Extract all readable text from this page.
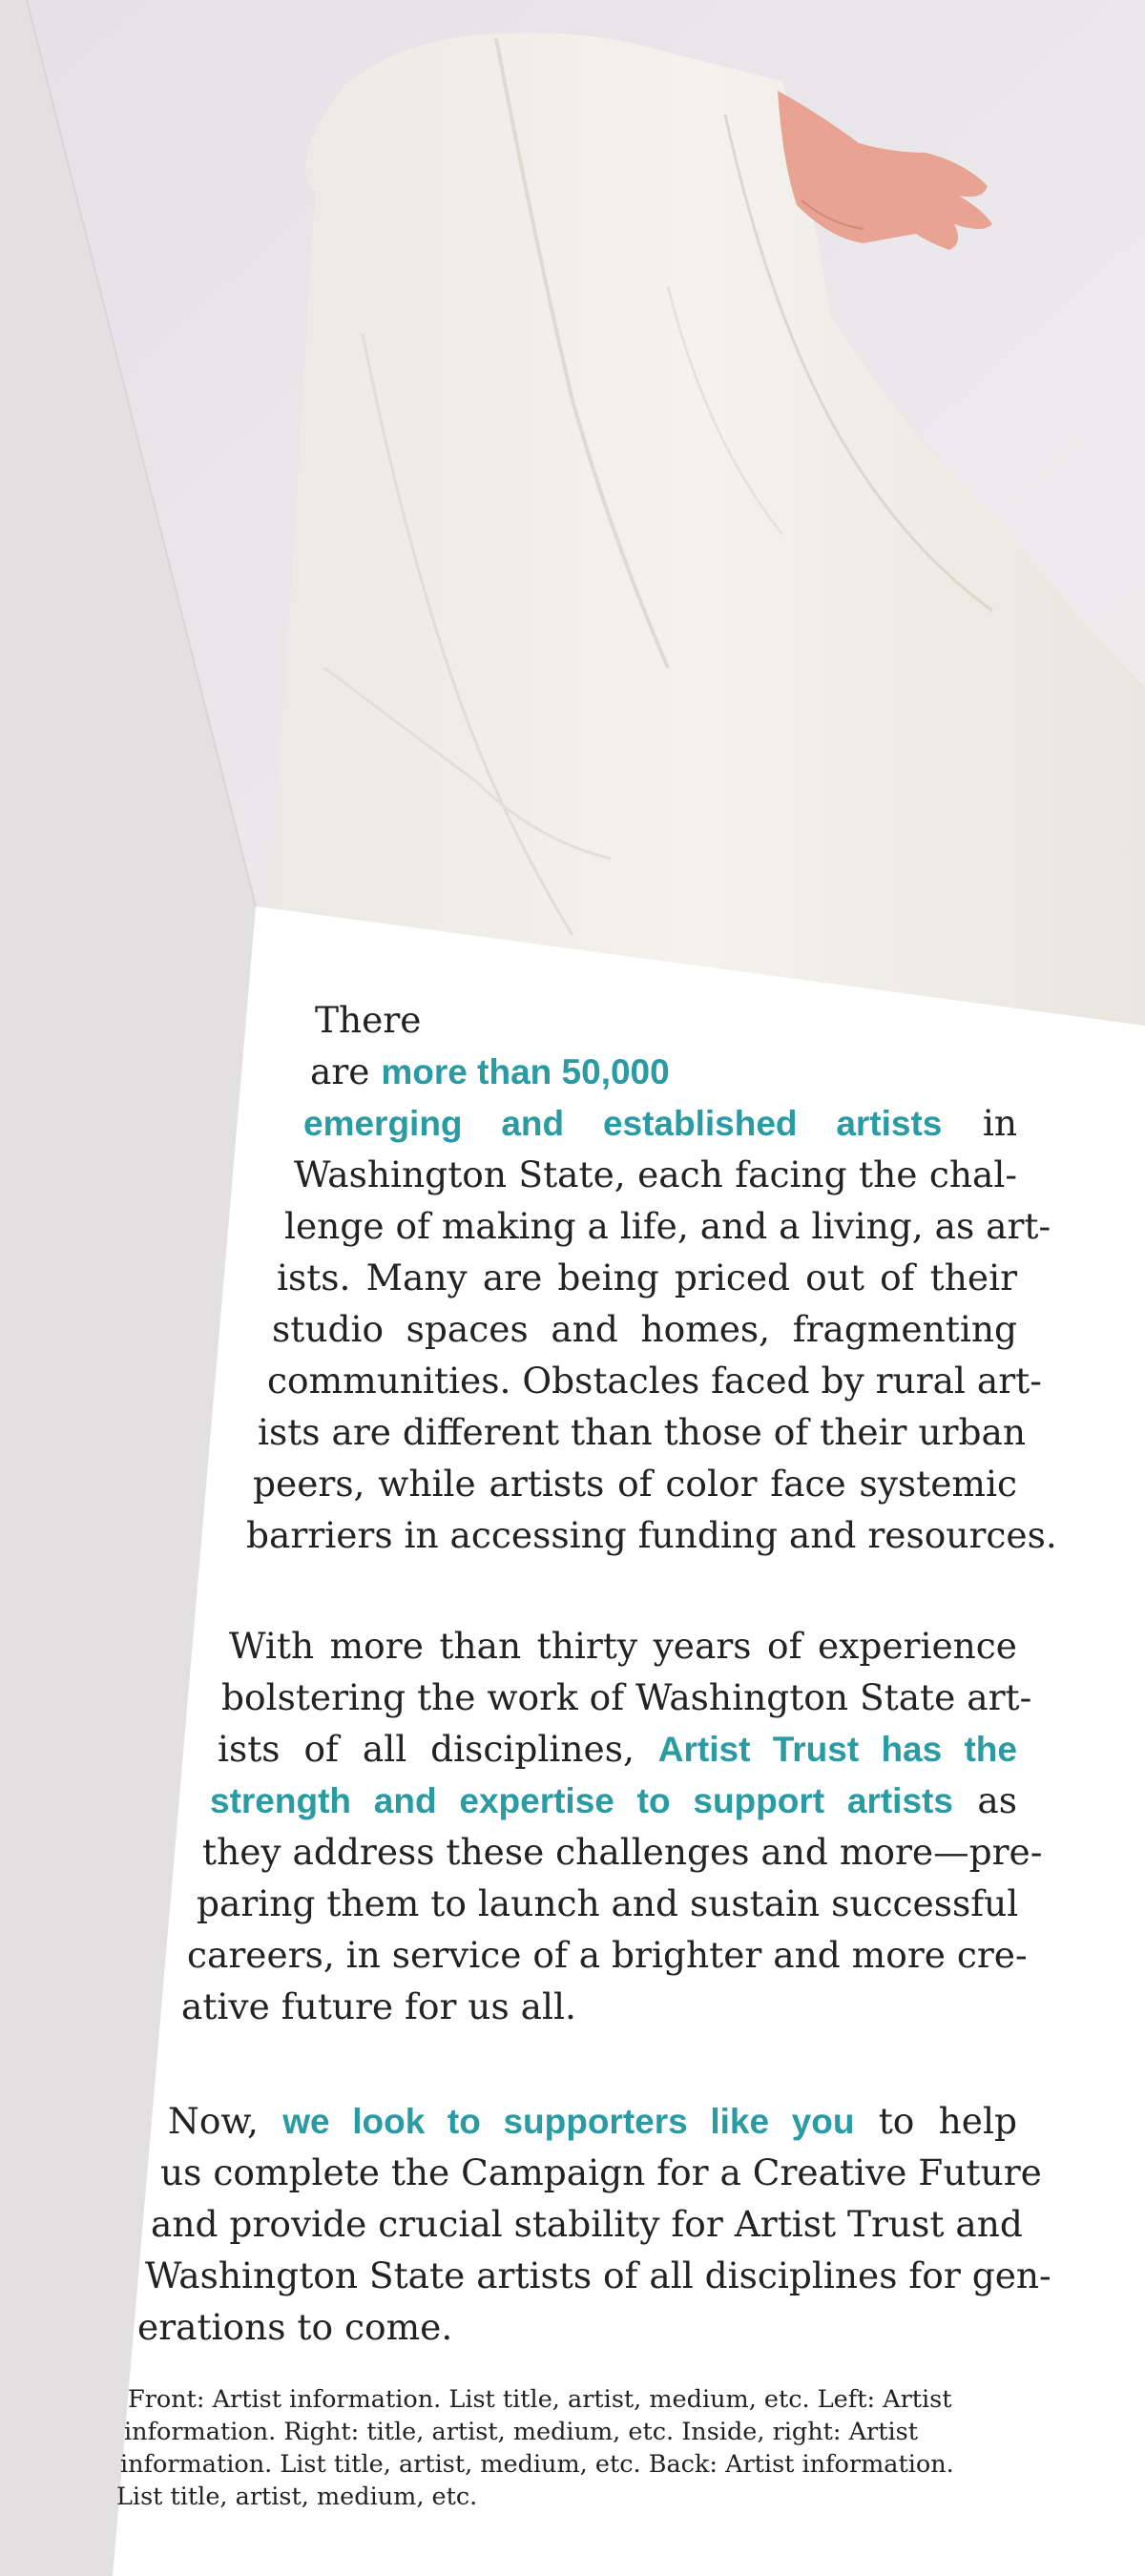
There
are more than 50,000
emerging and established artists in
Washington State, each facing the chal-
lenge of making a life, and a living, as art-
ists. Many are being priced out of their
studio spaces and homes, fragmenting
communities. Obstacles faced by rural art-
ists are different than those of their urban
peers, while artists of color face systemic
barriers in accessing funding and resources.
With more than thirty years of experience
bolstering the work of Washington State art-
ists of all disciplines, Artist Trust has the
strength and expertise to support artists as
they address these challenges and more—pre-
paring them to launch and sustain successful
careers, in service of a brighter and more cre-
ative future for us all.
Now, we look to supporters like you to help
us complete the Campaign for a Creative Future
and provide crucial stability for Artist Trust and
Washington State artists of all disciplines for gen-
erations to come.
Front: Artist information. List title, artist, medium, etc. Left: Artist
information. Right: title, artist, medium, etc. Inside, right: Artist
information. List title, artist, medium, etc. Back: Artist information.
List title, artist, medium, etc.
